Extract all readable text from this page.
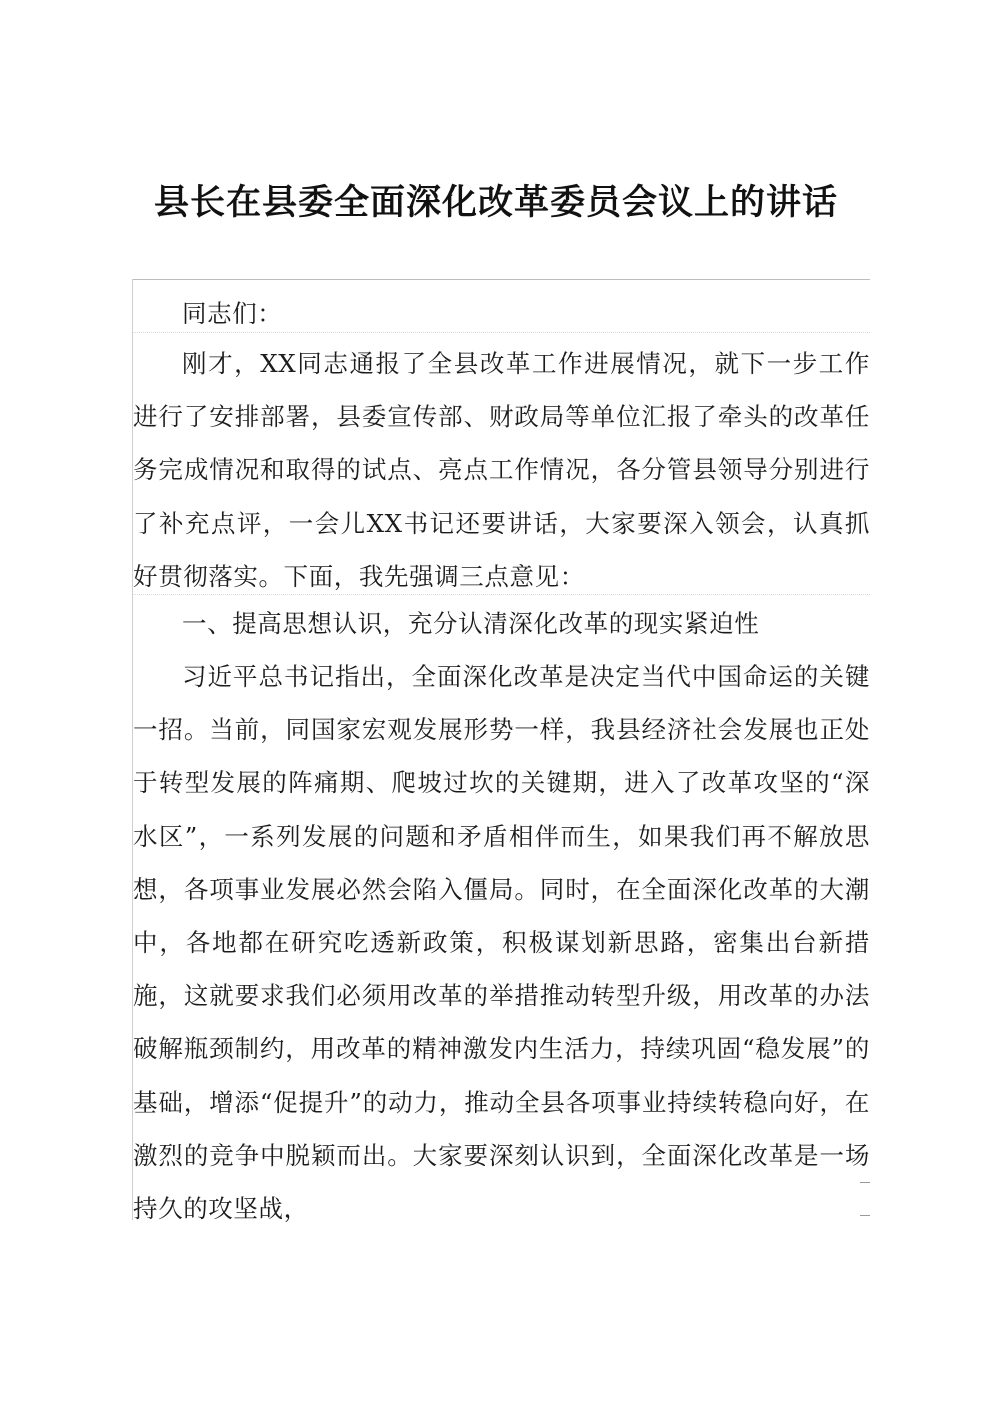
县长在县委全面深化改革委员会议上的讲话

同志们：

刚才，XX同志通报了全县改革工作进展情况，就下一步工作进行了安排部署，县委宣传部、财政局等单位汇报了牵头的改革任务完成情况和取得的试点、亮点工作情况，各分管县领导分别进行了补充点评，一会儿XX书记还要讲话，大家要深入领会，认真抓好贯彻落实。下面，我先强调三点意见：

一、提高思想认识，充分认清深化改革的现实紧迫性

习近平总书记指出，全面深化改革是决定当代中国命运的关键一招。当前，同国家宏观发展形势一样，我县经济社会发展也正处于转型发展的阵痛期、爬坡过坎的关键期，进入了改革攻坚的“深水区”，一系列发展的问题和矛盾相伴而生，如果我们再不解放思想，各项事业发展必然会陷入僵局。同时，在全面深化改革的大潮中，各地都在研究吃透新政策，积极谋划新思路，密集出台新措施，这就要求我们必须用改革的举措推动转型升级，用改革的办法破解瓶颈制约，用改革的精神激发内生活力，持续巩固“稳发展”的基础，增添“促提升”的动力，推动全县各项事业持续转稳向好，在激烈的竞争中脱颖而出。大家要深刻认识到，全面深化改革是一场持久的攻坚战，
